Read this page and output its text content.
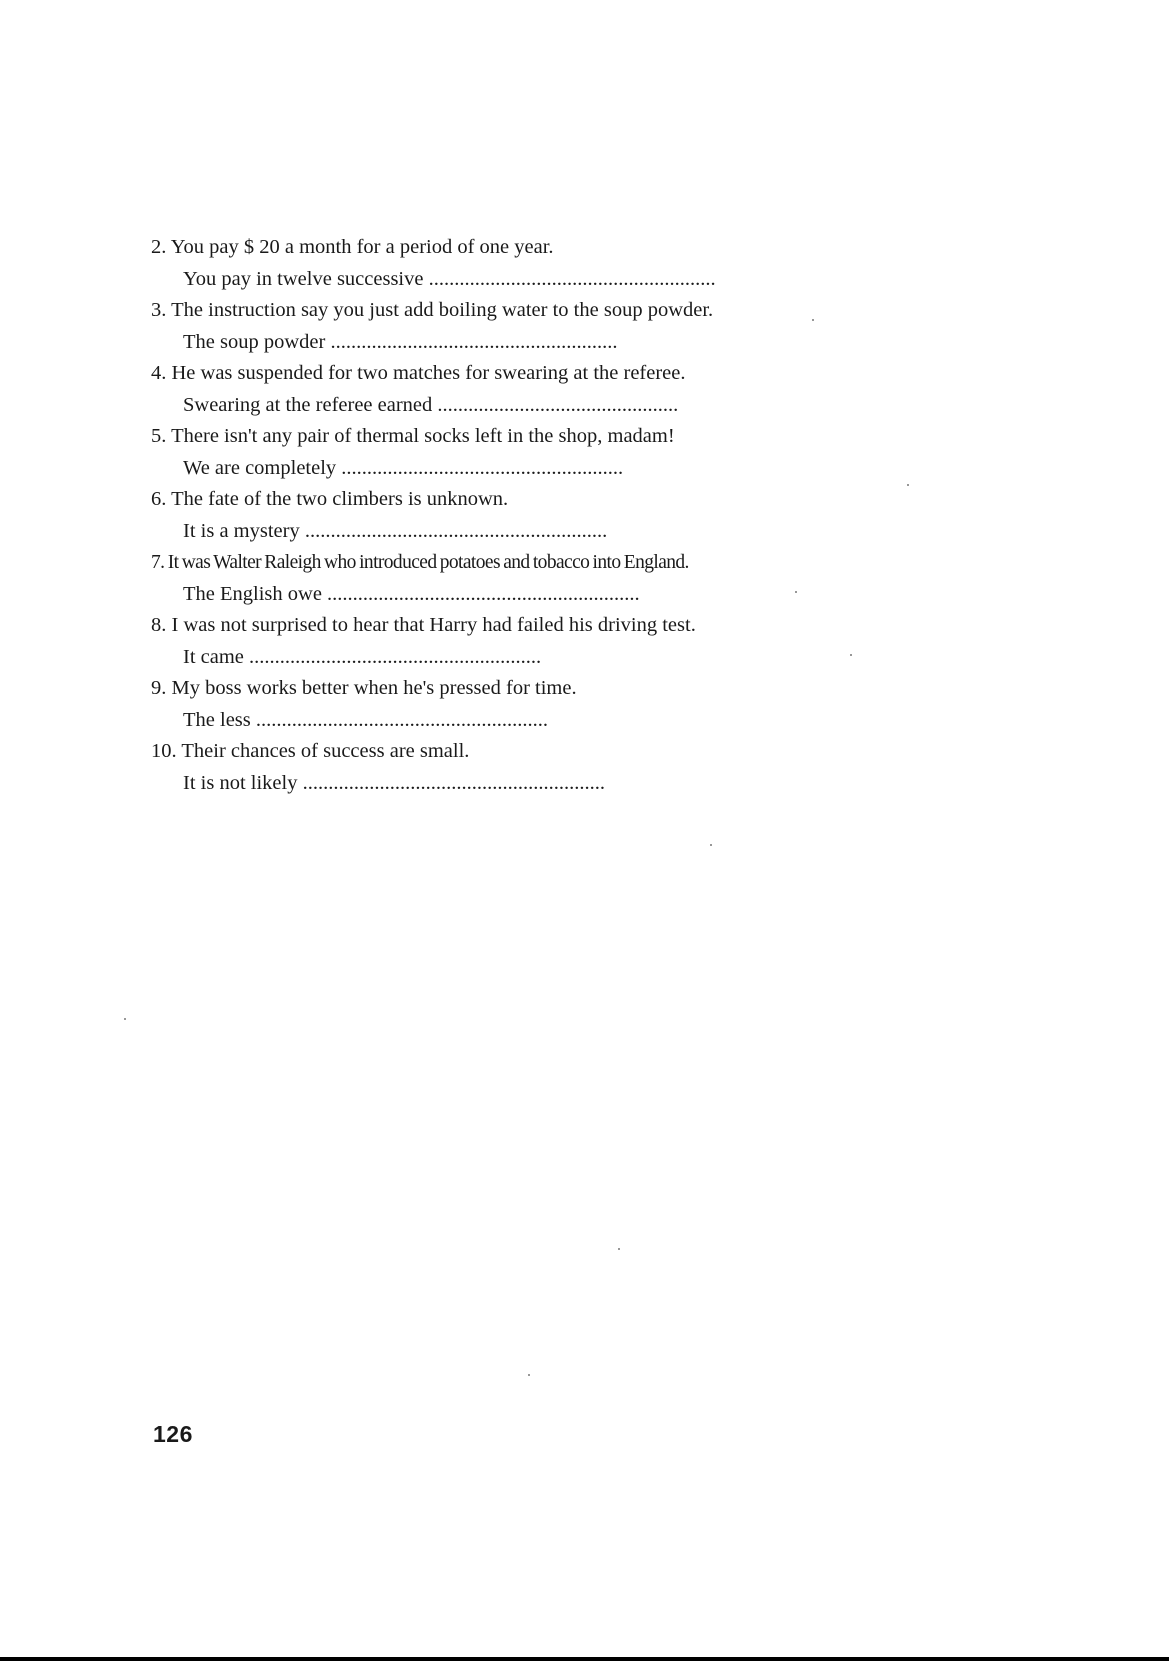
2. You pay $ 20 a month for a period of one year.
You pay in twelve successive ........................................................
3. The instruction say you just add boiling water to the soup powder.
The soup powder ........................................................
4. He was suspended for two matches for swearing at the referee.
Swearing at the referee earned ...............................................
5. There isn't any pair of thermal socks left in the shop, madam!
We are completely .......................................................
6. The fate of the two climbers is unknown.
It is a mystery ...........................................................
7. It was Walter Raleigh who introduced potatoes and tobacco into England.
The English owe .............................................................
8. I was not surprised to hear that Harry had failed his driving test.
It came .........................................................
9. My boss works better when he's pressed for time.
The less .........................................................
10. Their chances of success are small.
It is not likely ...........................................................
126
